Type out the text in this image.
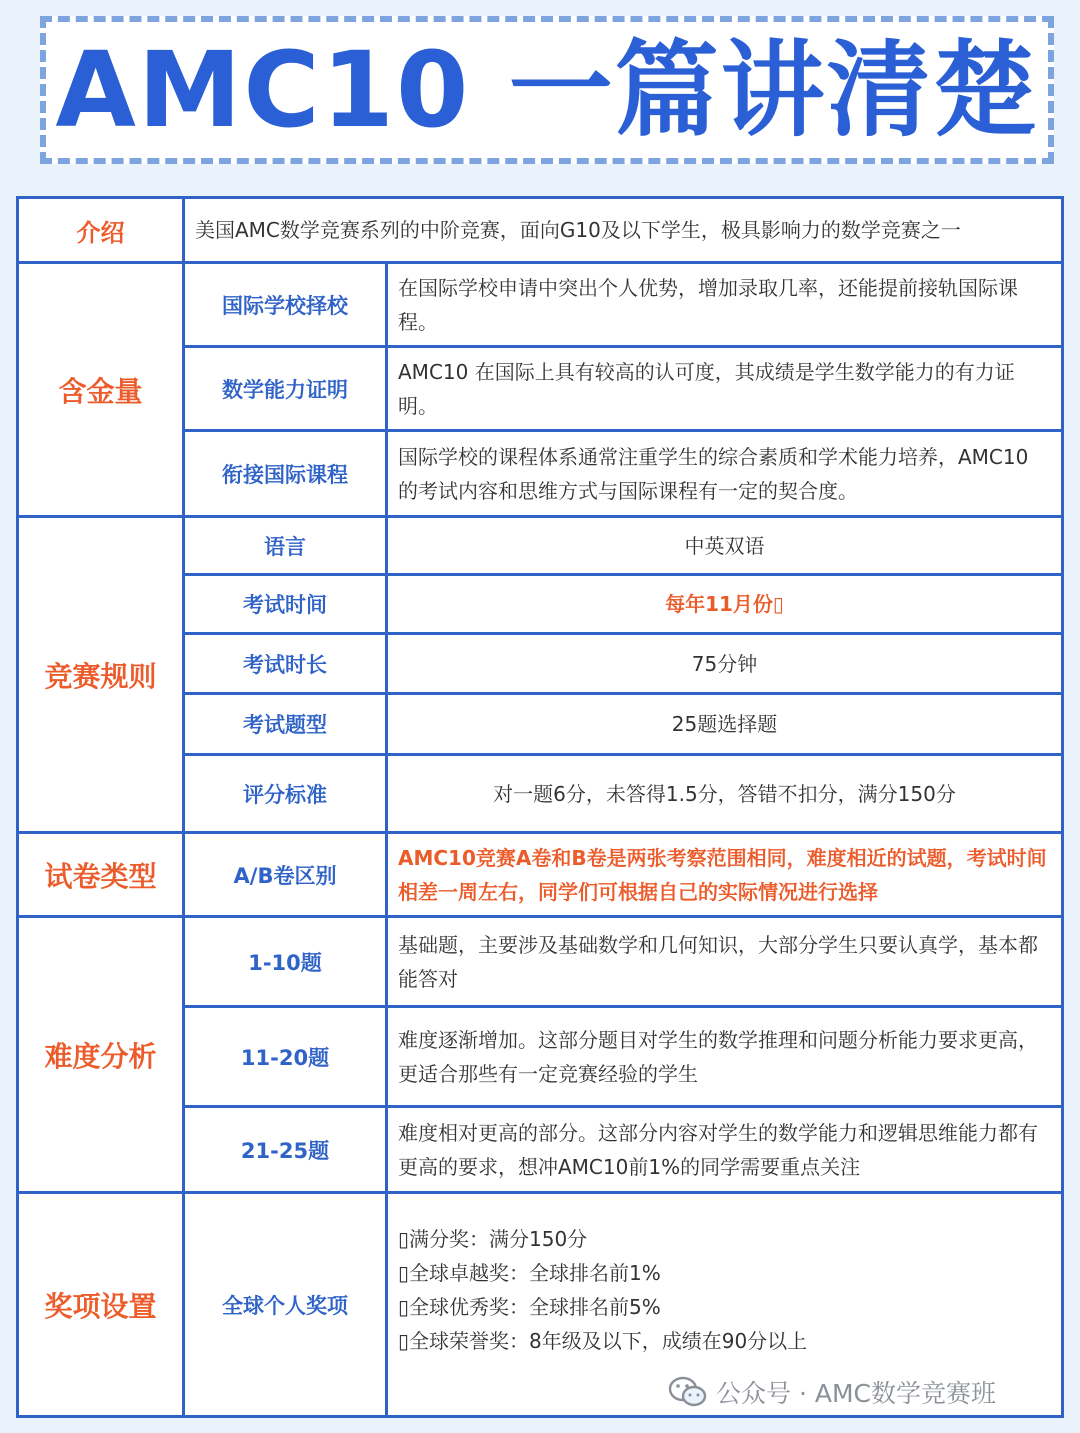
AMC10 一篇讲清楚
介绍	美国AMC数学竞赛系列的中阶竞赛，面向G10及以下学生，极具影响力的数学竞赛之一	
含金量	国际学校择校	在国际学校申请中突出个人优势，增加录取几率，还能提前接轨国际课程。
	数学能力证明	AMC10 在国际上具有较高的认可度，其成绩是学生数学能力的有力证明。
	衔接国际课程	国际学校的课程体系通常注重学生的综合素质和学术能力培养，AMC10 的考试内容和思维方式与国际课程有一定的契合度。
竞赛规则	语言	中英双语
	考试时间	每年11月份▯
	考试时长	75分钟
	考试题型	25题选择题
	评分标准	对一题6分，未答得1.5分，答错不扣分，满分150分
试卷类型	A/B卷区别	AMC10竞赛A卷和B卷是两张考察范围相同，难度相近的试题，考试时间相差一周左右，同学们可根据自己的实际情况进行选择
难度分析	1-10题	基础题，主要涉及基础数学和几何知识，大部分学生只要认真学，基本都能答对
	11-20题	难度逐渐增加。这部分题目对学生的数学推理和问题分析能力要求更高，更适合那些有一定竞赛经验的学生
	21-25题	难度相对更高的部分。这部分内容对学生的数学能力和逻辑思维能力都有更高的要求，想冲AMC10前1%的同学需要重点关注
奖项设置	全球个人奖项	▯满分奖：满分150分
▯全球卓越奖：全球排名前1%
▯全球优秀奖：全球排名前5%
▯全球荣誉奖：8年级及以下，成绩在90分以上
公众号 · AMC数学竞赛班
